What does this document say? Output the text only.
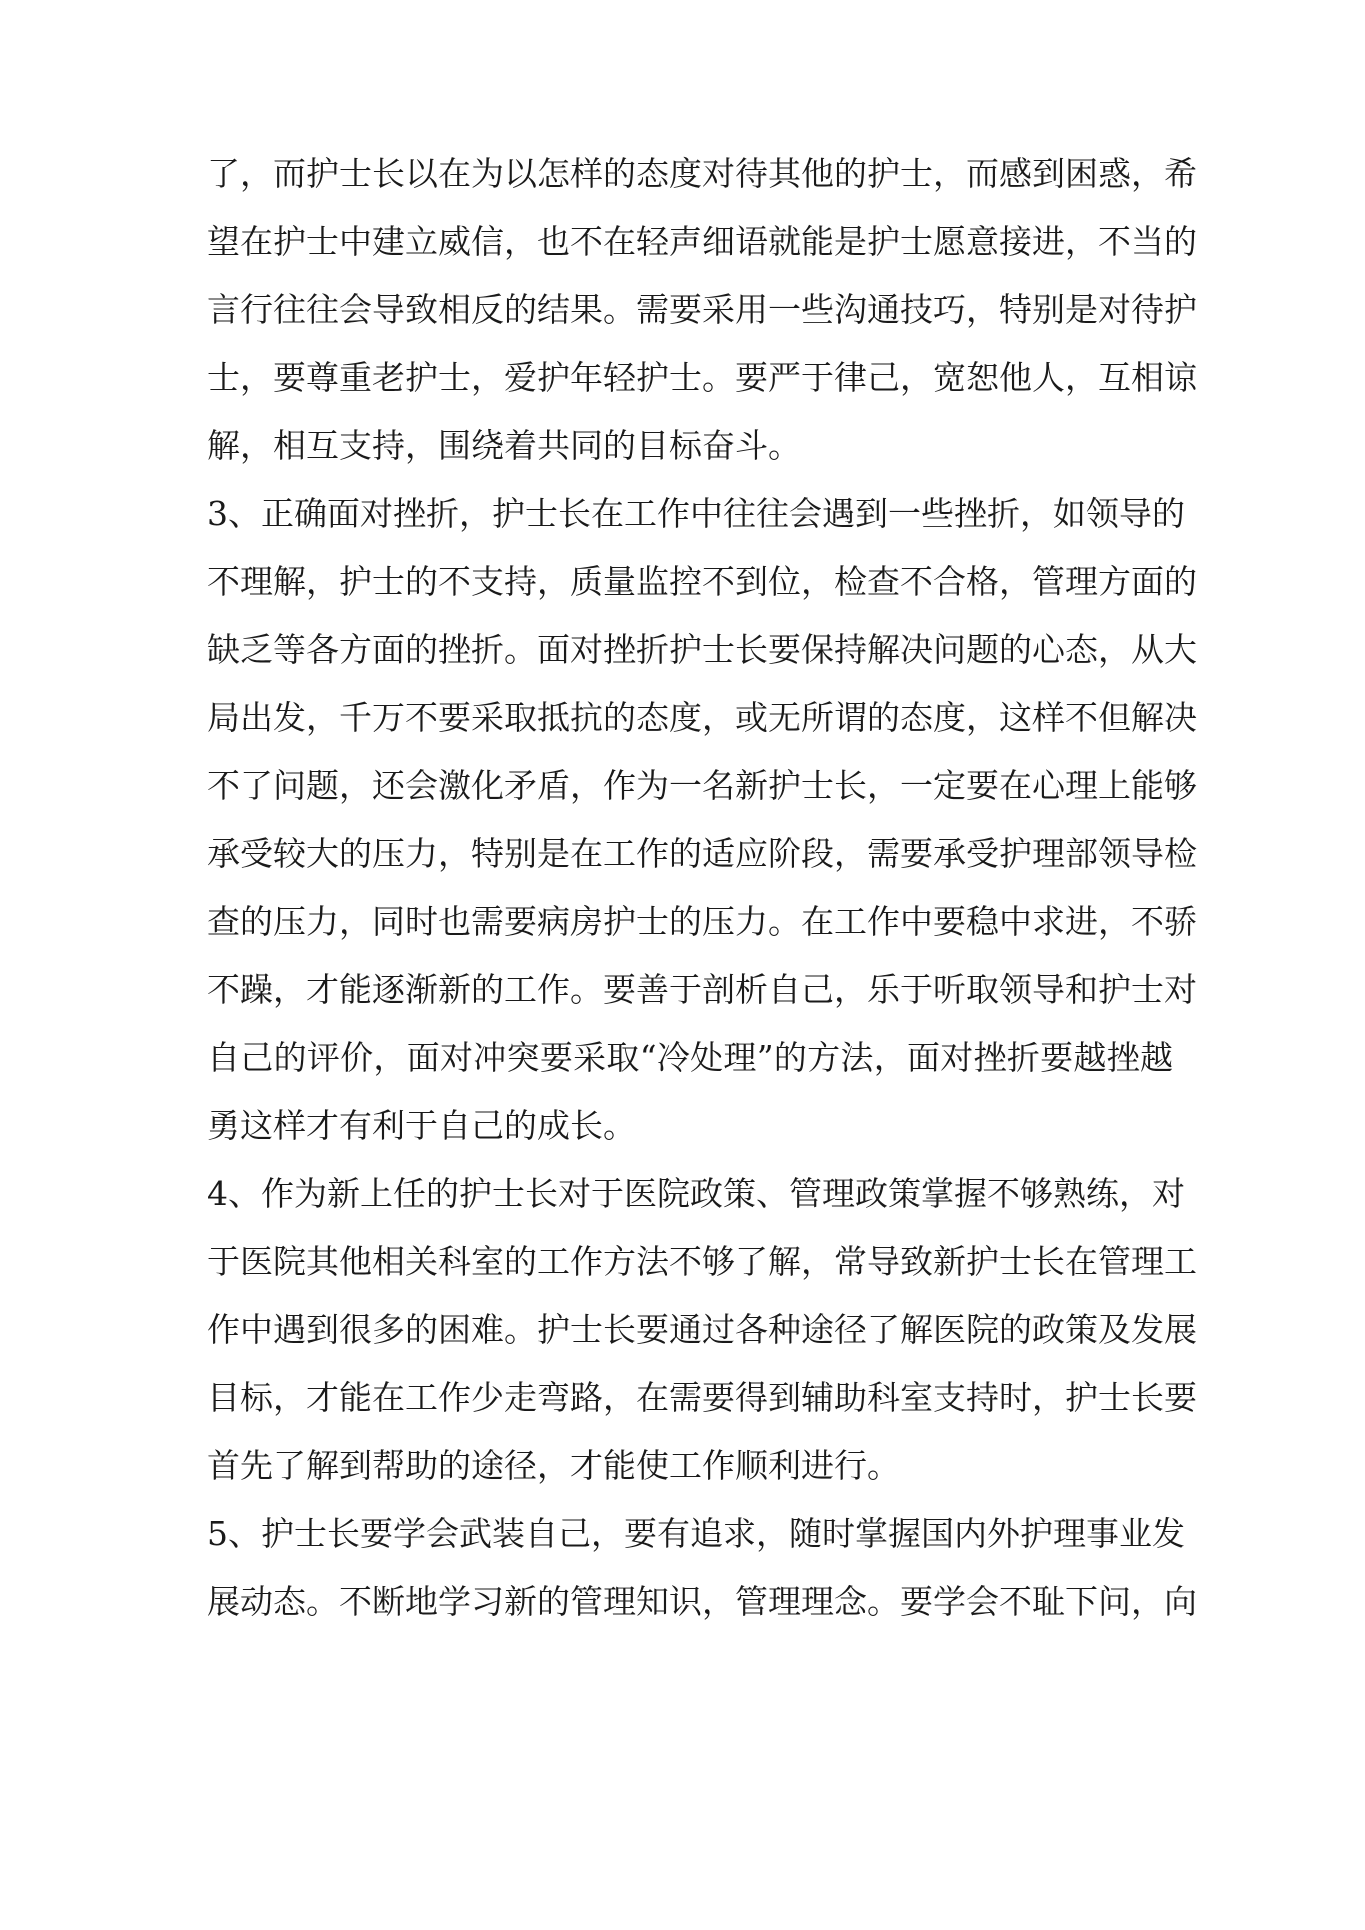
了，而护士长以在为以怎样的态度对待其他的护士，而感到困惑，希
望在护士中建立威信，也不在轻声细语就能是护士愿意接进，不当的
言行往往会导致相反的结果。需要采用一些沟通技巧，特别是对待护
士，要尊重老护士，爱护年轻护士。要严于律己，宽恕他人，互相谅
解，相互支持，围绕着共同的目标奋斗。
3、正确面对挫折，护士长在工作中往往会遇到一些挫折，如领导的
不理解，护士的不支持，质量监控不到位，检查不合格，管理方面的
缺乏等各方面的挫折。面对挫折护士长要保持解决问题的心态，从大
局出发，千万不要采取抵抗的态度，或无所谓的态度，这样不但解决
不了问题，还会激化矛盾，作为一名新护士长，一定要在心理上能够
承受较大的压力，特别是在工作的适应阶段，需要承受护理部领导检
查的压力，同时也需要病房护士的压力。在工作中要稳中求进，不骄
不躁，才能逐渐新的工作。要善于剖析自己，乐于听取领导和护士对
自己的评价，面对冲突要采取“冷处理”的方法，面对挫折要越挫越
勇这样才有利于自己的成长。
4、作为新上任的护士长对于医院政策、管理政策掌握不够熟练，对
于医院其他相关科室的工作方法不够了解，常导致新护士长在管理工
作中遇到很多的困难。护士长要通过各种途径了解医院的政策及发展
目标，才能在工作少走弯路，在需要得到辅助科室支持时，护士长要
首先了解到帮助的途径，才能使工作顺利进行。
5、护士长要学会武装自己，要有追求，随时掌握国内外护理事业发
展动态。不断地学习新的管理知识，管理理念。要学会不耻下问，向
